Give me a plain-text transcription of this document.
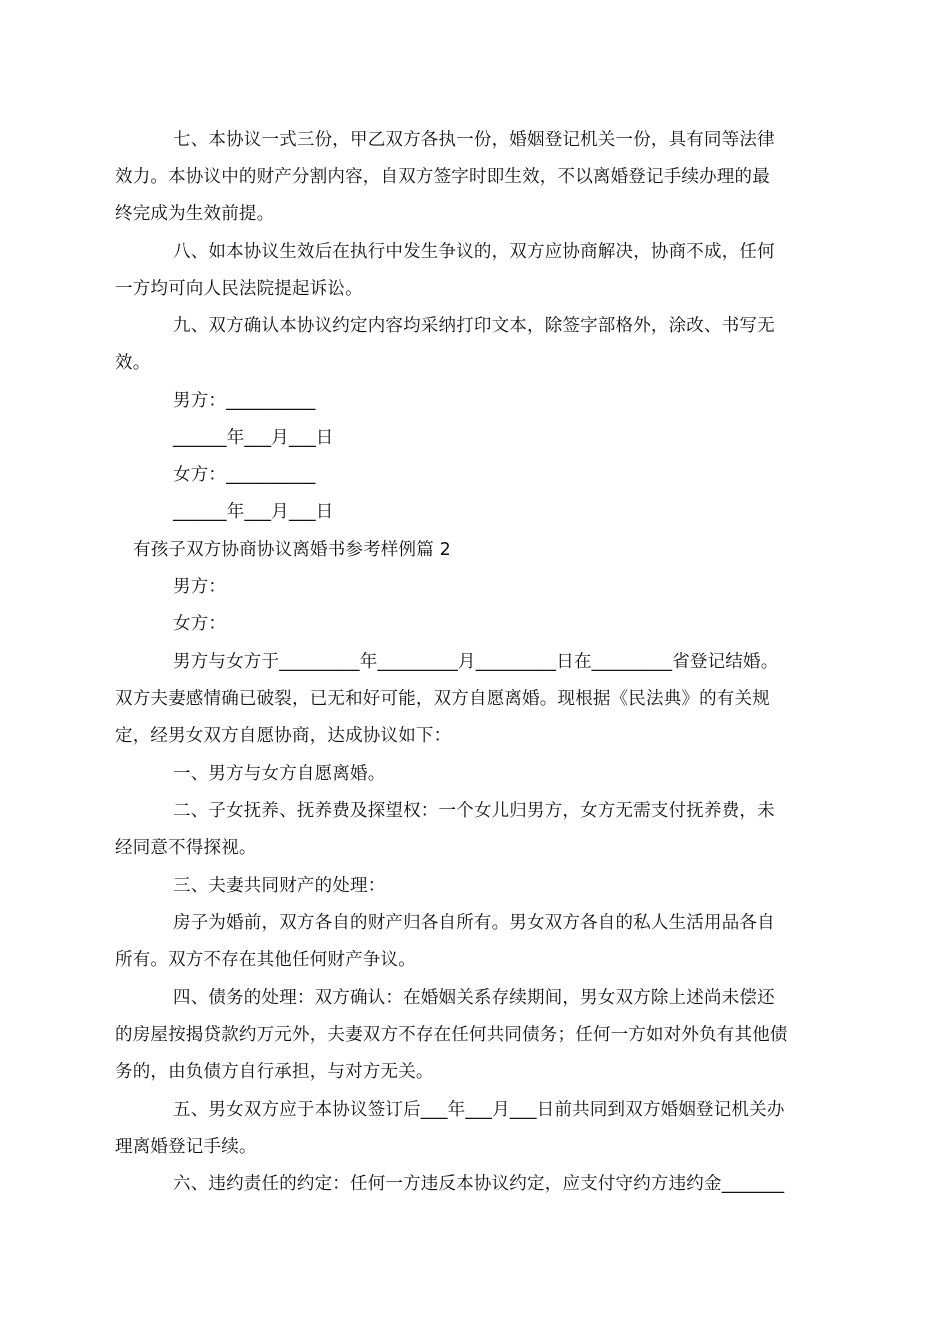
七、本协议一式三份，甲乙双方各执一份，婚姻登记机关一份，具有同等法律
效力。本协议中的财产分割内容，自双方签字时即生效，不以离婚登记手续办理的最
终完成为生效前提。
八、如本协议生效后在执行中发生争议的，双方应协商解决，协商不成，任何
一方均可向人民法院提起诉讼。
九、双方确认本协议约定内容均采纳打印文本，除签字部格外，涂改、书写无
效。
男方：__________
______年___月___日
女方：__________
______年___月___日
有孩子双方协商协议离婚书参考样例篇 2
男方：
女方：
男方与女方于_________年_________月_________日在_________省登记结婚。
双方夫妻感情确已破裂，已无和好可能，双方自愿离婚。现根据《民法典》的有关规
定，经男女双方自愿协商，达成协议如下：
一、男方与女方自愿离婚。
二、子女抚养、抚养费及探望权：一个女儿归男方，女方无需支付抚养费，未
经同意不得探视。
三、夫妻共同财产的处理：
房子为婚前，双方各自的财产归各自所有。男女双方各自的私人生活用品各自
所有。双方不存在其他任何财产争议。
四、债务的处理：双方确认：在婚姻关系存续期间，男女双方除上述尚未偿还
的房屋按揭贷款约万元外，夫妻双方不存在任何共同债务；任何一方如对外负有其他债
务的，由负债方自行承担，与对方无关。
五、男女双方应于本协议签订后___年___月___日前共同到双方婚姻登记机关办
理离婚登记手续。
六、违约责任的约定：任何一方违反本协议约定，应支付守约方违约金_______
